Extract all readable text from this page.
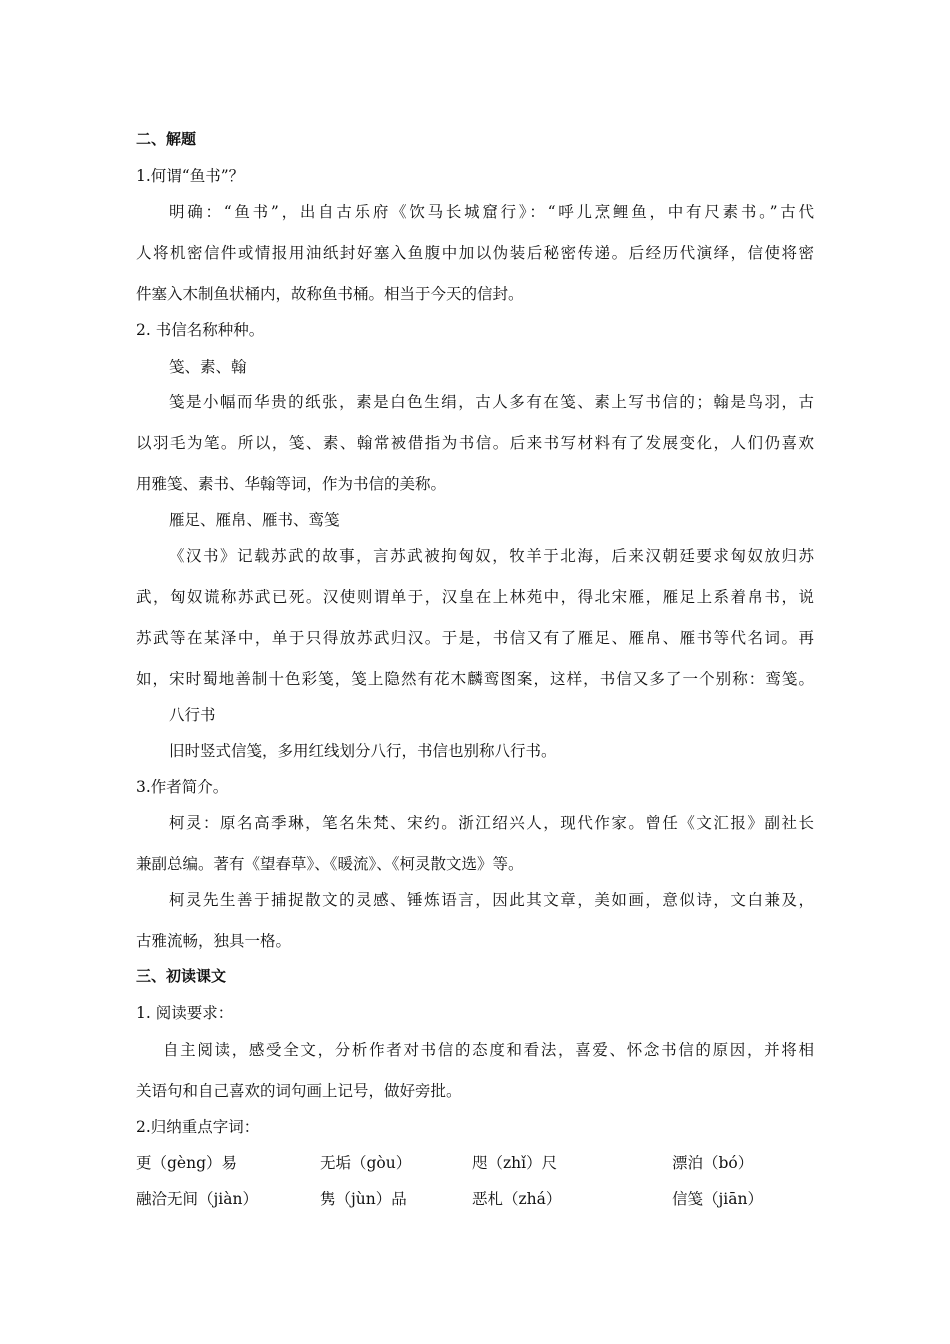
二、解题
1.何谓“鱼书”？
明确：“鱼书”，出自古乐府《饮马长城窟行》：“呼儿烹鲤鱼，中有尺素书。”古代
人将机密信件或情报用油纸封好塞入鱼腹中加以伪装后秘密传递。后经历代演绎，信使将密
件塞入木制鱼状桶内，故称鱼书桶。相当于今天的信封。
2. 书信名称种种。
笺、素、翰
笺是小幅而华贵的纸张，素是白色生绢，古人多有在笺、素上写书信的；翰是鸟羽，古
以羽毛为笔。所以，笺、素、翰常被借指为书信。后来书写材料有了发展变化，人们仍喜欢
用雅笺、素书、华翰等词，作为书信的美称。
雁足、雁帛、雁书、鸾笺
《汉书》记载苏武的故事，言苏武被拘匈奴，牧羊于北海，后来汉朝廷要求匈奴放归苏
武，匈奴谎称苏武已死。汉使则谓单于，汉皇在上林苑中，得北宋雁，雁足上系着帛书，说
苏武等在某泽中，单于只得放苏武归汉。于是，书信又有了雁足、雁帛、雁书等代名词。再
如，宋时蜀地善制十色彩笺，笺上隐然有花木麟鸾图案，这样，书信又多了一个别称：鸾笺。
八行书
旧时竖式信笺，多用红线划分八行，书信也别称八行书。
3.作者简介。
柯灵：原名高季琳，笔名朱梵、宋约。浙江绍兴人，现代作家。曾任《文汇报》副社长
兼副总编。著有《望春草》、《暖流》、《柯灵散文选》等。
柯灵先生善于捕捉散文的灵感、锤炼语言，因此其文章，美如画，意似诗，文白兼及，
古雅流畅，独具一格。
三、初读课文
1. 阅读要求：
自主阅读，感受全文，分析作者对书信的态度和看法，喜爱、怀念书信的原因，并将相
关语句和自己喜欢的词句画上记号，做好旁批。
2.归纳重点字词：
更（gèng）易	无垢（gòu）	咫（zhǐ）尺	漂泊（bó）
融洽无间（jiàn）	隽（jùn）品	恶札（zhá）	信笺（jiān）
